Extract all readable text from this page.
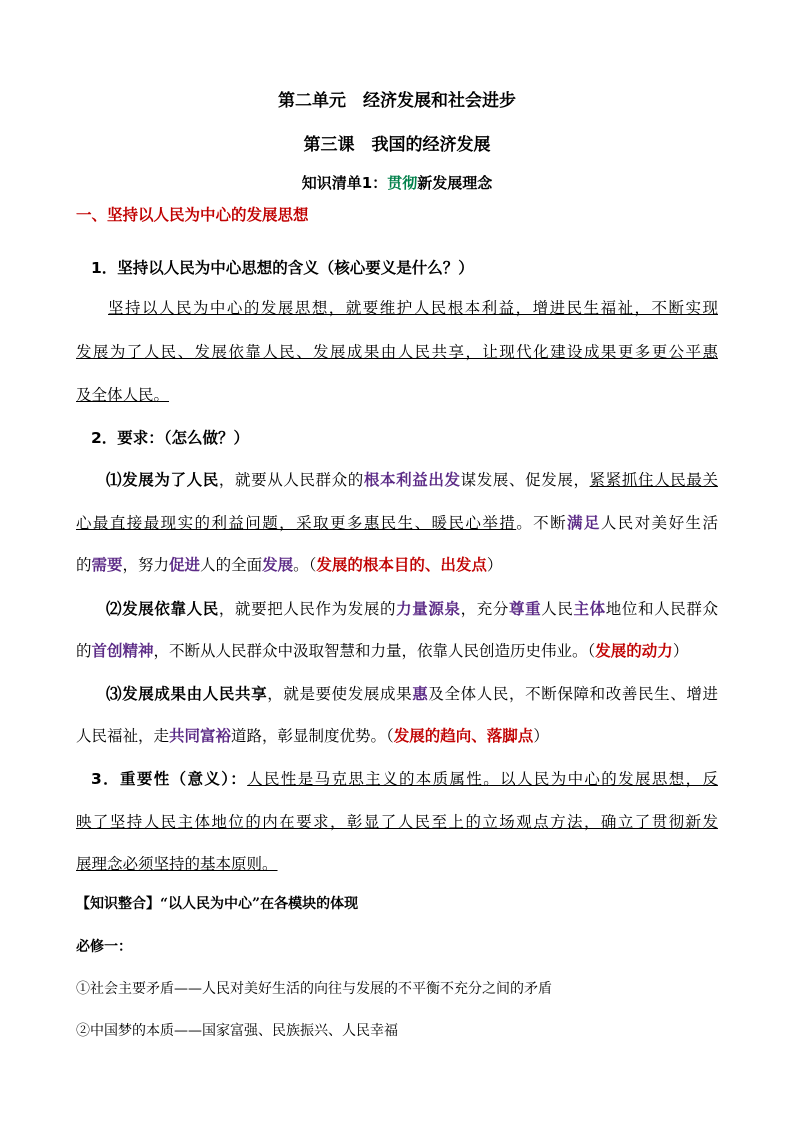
第二单元　经济发展和社会进步
第三课　我国的经济发展
知识清单1：贯彻新发展理念
一、坚持以人民为中心的发展思想
1．坚持以人民为中心思想的含义（核心要义是什么？）
坚持以人民为中心的发展思想，就要维护人民根本利益，增进民生福祉，不断实现
发展为了人民、发展依靠人民、发展成果由人民共享，让现代化建设成果更多更公平惠
及全体人民。
2．要求：（怎么做？）
⑴发展为了人民，就要从人民群众的根本利益出发谋发展、促发展，紧紧抓住人民最关
心最直接最现实的利益问题，采取更多惠民生、暖民心举措。不断满足人民对美好生活
的需要，努力促进人的全面发展。（发展的根本目的、出发点）
⑵发展依靠人民，就要把人民作为发展的力量源泉，充分尊重人民主体地位和人民群众
的首创精神，不断从人民群众中汲取智慧和力量，依靠人民创造历史伟业。（发展的动力）
⑶发展成果由人民共享，就是要使发展成果惠及全体人民，不断保障和改善民生、增进
人民福祉，走共同富裕道路，彰显制度优势。（发展的趋向、落脚点）
3．重要性（意义）：人民性是马克思主义的本质属性。以人民为中心的发展思想，反
映了坚持人民主体地位的内在要求，彰显了人民至上的立场观点方法，确立了贯彻新发
展理念必须坚持的基本原则。
【知识整合】“以人民为中心”在各模块的体现
必修一：
①社会主要矛盾——人民对美好生活的向往与发展的不平衡不充分之间的矛盾
②中国梦的本质——国家富强、民族振兴、人民幸福
